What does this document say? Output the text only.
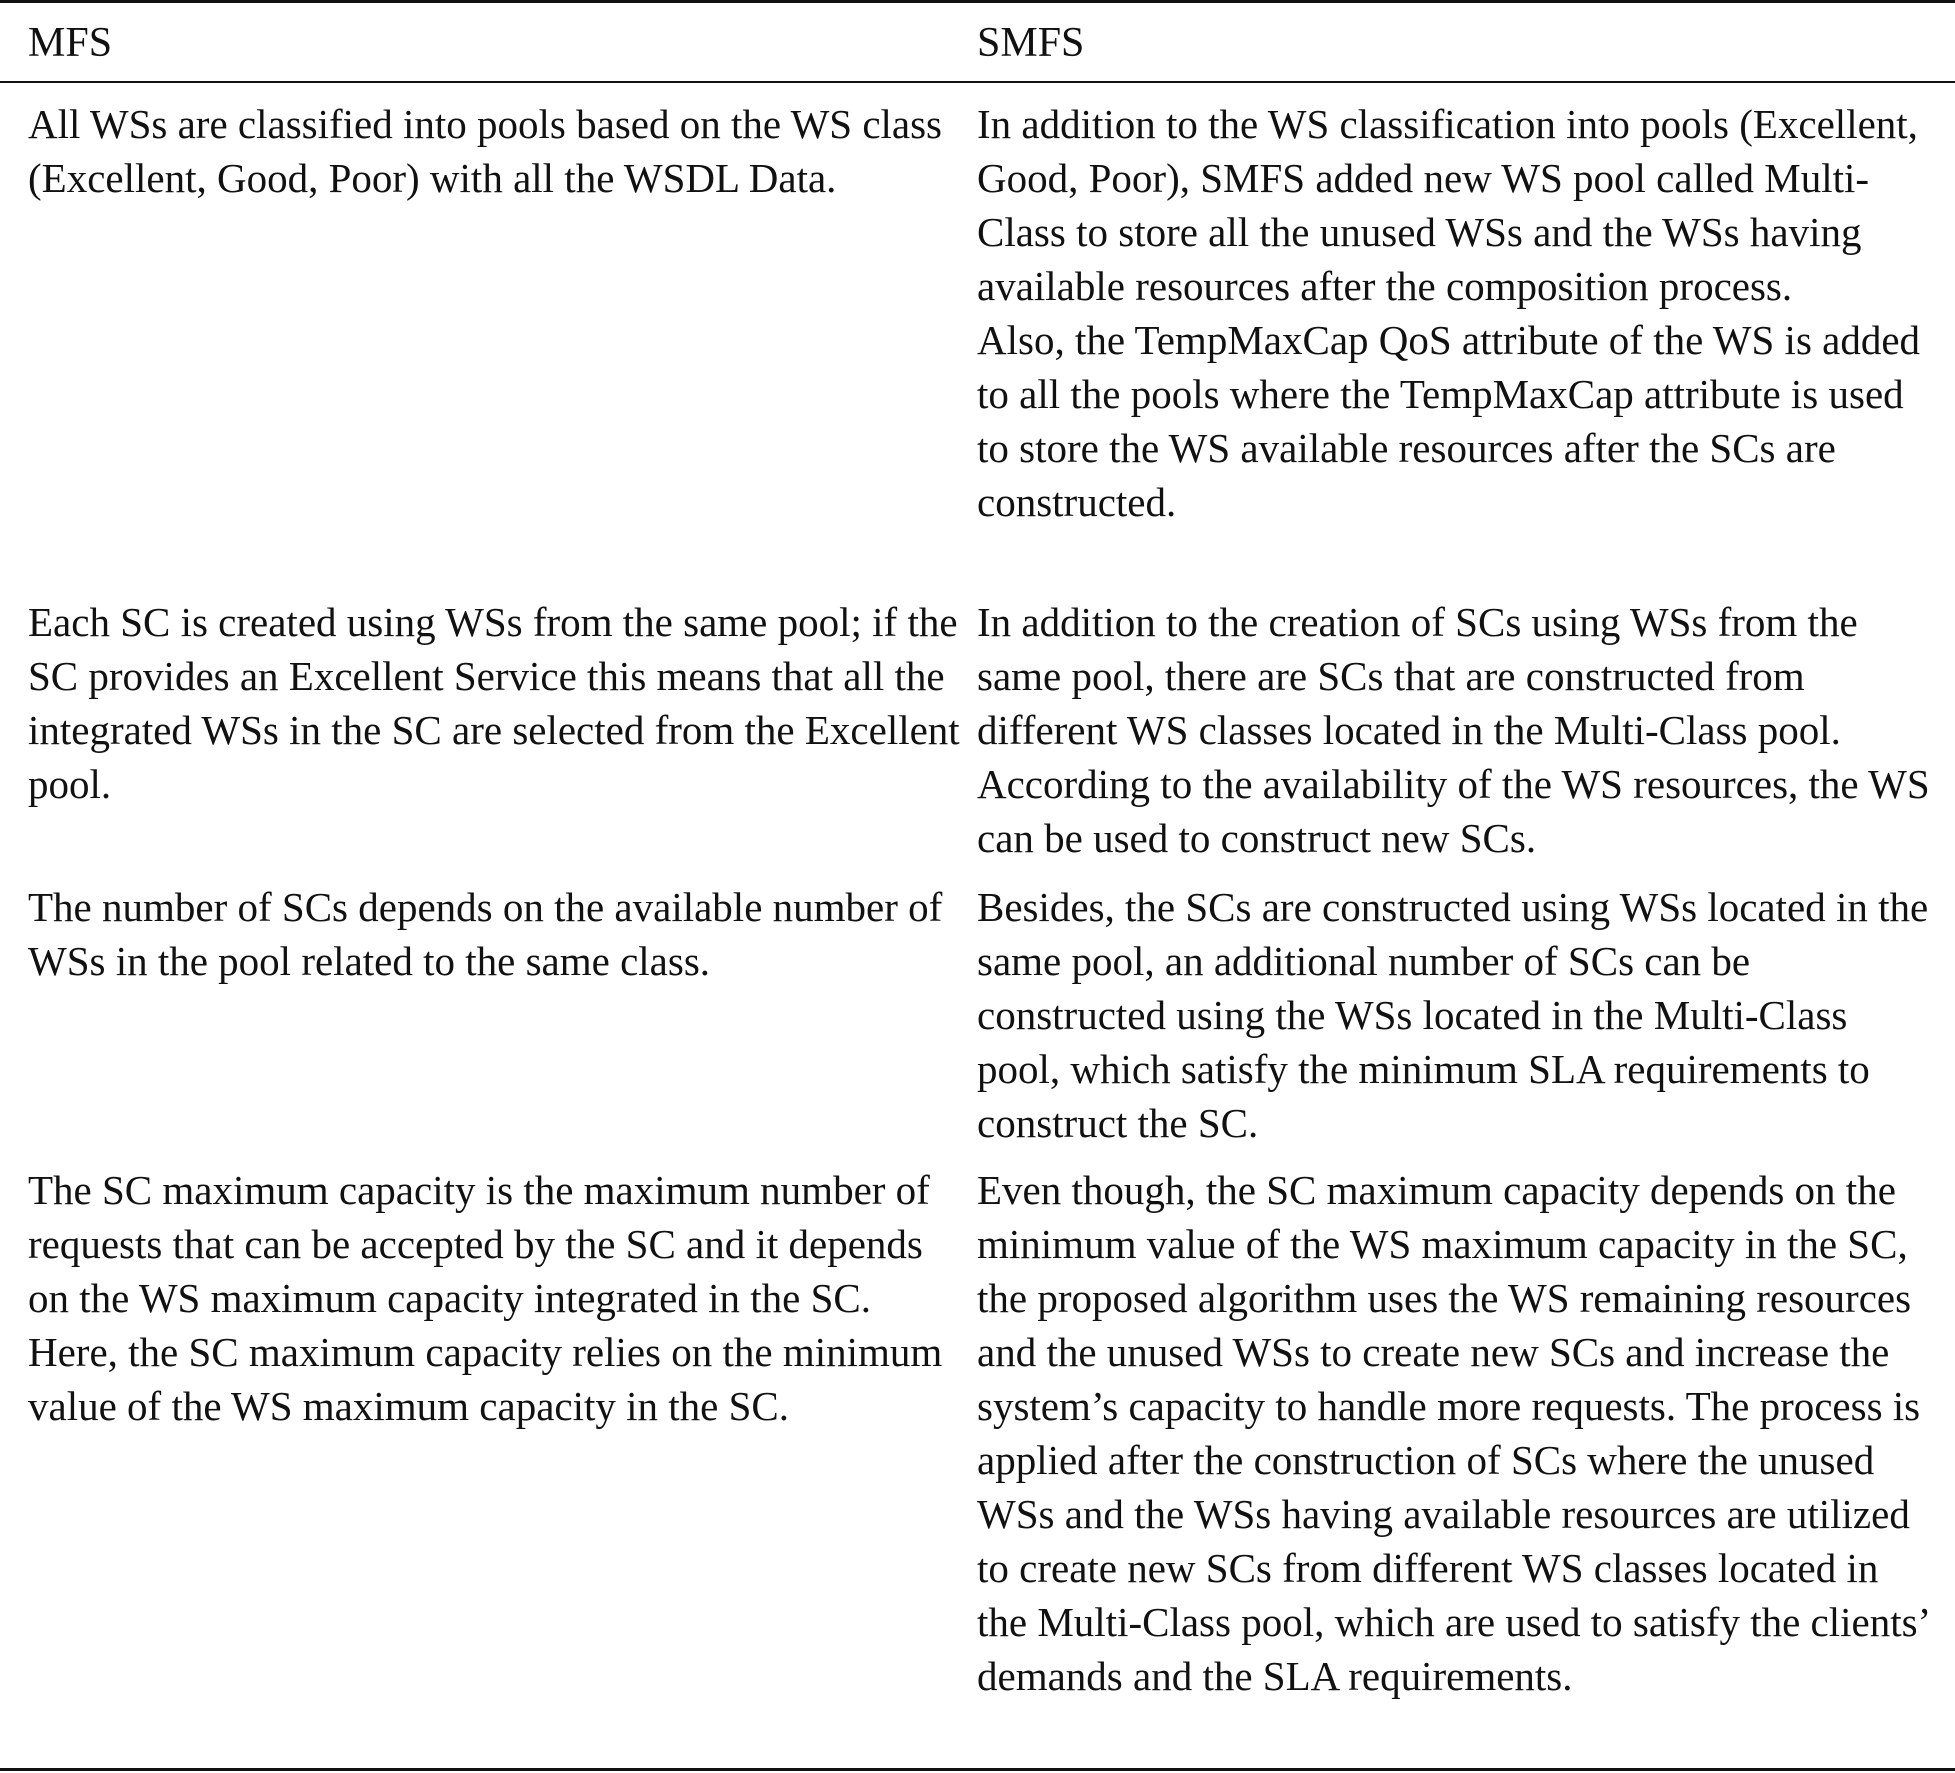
MFS	SMFS

All WSs are classified into pools based on the WS class (Excellent, Good, Poor) with all the WSDL Data.

In addition to the WS classification into pools (Excellent, Good, Poor), SMFS added new WS pool called Multi-Class to store all the unused WSs and the WSs having available resources after the composition process.

Also, the TempMaxCap QoS attribute of the WS is added to all the pools where the TempMaxCap attribute is used to store the WS available resources after the SCs are constructed.

Each SC is created using WSs from the same pool; if the SC provides an Excellent Service this means that all the integrated WSs in the SC are selected from the Excellent pool.

In addition to the creation of SCs using WSs from the same pool, there are SCs that are constructed from different WS classes located in the Multi-Class pool. According to the availability of the WS resources, the WS can be used to construct new SCs.

The number of SCs depends on the available number of WSs in the pool related to the same class.

Besides, the SCs are constructed using WSs located in the same pool, an additional number of SCs can be constructed using the WSs located in the Multi-Class pool, which satisfy the minimum SLA requirements to construct the SC.

The SC maximum capacity is the maximum number of requests that can be accepted by the SC and it depends on the WS maximum capacity integrated in the SC. Here, the SC maximum capacity relies on the minimum value of the WS maximum capacity in the SC.

Even though, the SC maximum capacity depends on the minimum value of the WS maximum capacity in the SC, the proposed algorithm uses the WS remaining resources and the unused WSs to create new SCs and increase the system’s capacity to handle more requests. The process is applied after the construction of SCs where the unused WSs and the WSs having available resources are utilized to create new SCs from different WS classes located in the Multi-Class pool, which are used to satisfy the clients’ demands and the SLA requirements.
